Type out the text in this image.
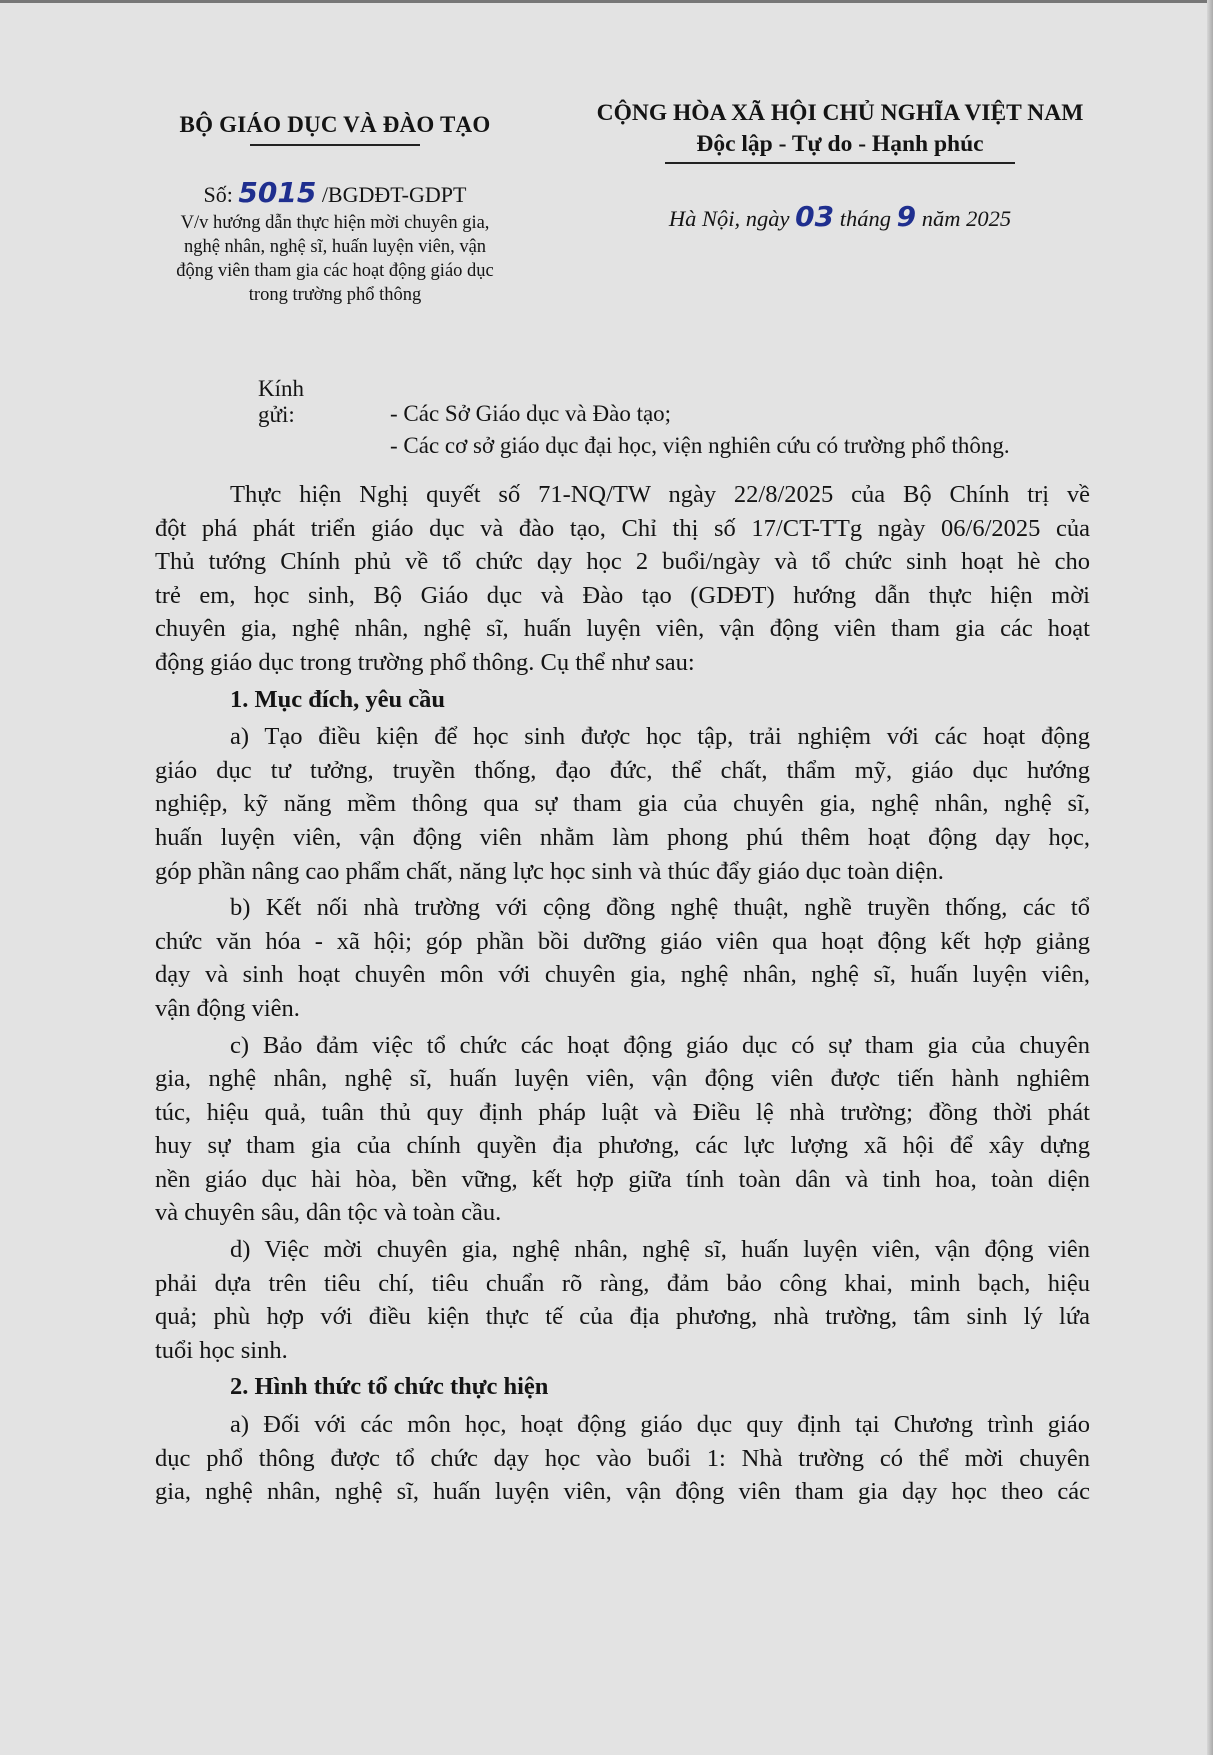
BỘ GIÁO DỤC VÀ ĐÀO TẠO
Số: 5015 /BGDĐT-GDPT
V/v hướng dẫn thực hiện mời chuyên gia,
nghệ nhân, nghệ sĩ, huấn luyện viên, vận
động viên tham gia các hoạt động giáo dục
trong trường phổ thông
CỘNG HÒA XÃ HỘI CHỦ NGHĨA VIỆT NAM
Độc lập - Tự do - Hạnh phúc
Hà Nội, ngày 03 tháng 9 năm 2025
Kính gửi:	- Các Sở Giáo dục và Đào tạo;
- Các cơ sở giáo dục đại học, viện nghiên cứu có trường phổ thông.
Thực hiện Nghị quyết số 71-NQ/TW ngày 22/8/2025 của Bộ Chính trị về
đột phá phát triển giáo dục và đào tạo, Chỉ thị số 17/CT-TTg ngày 06/6/2025 của
Thủ tướng Chính phủ về tổ chức dạy học 2 buổi/ngày và tổ chức sinh hoạt hè cho
trẻ em, học sinh, Bộ Giáo dục và Đào tạo (GDĐT) hướng dẫn thực hiện mời
chuyên gia, nghệ nhân, nghệ sĩ, huấn luyện viên, vận động viên tham gia các hoạt
động giáo dục trong trường phổ thông. Cụ thể như sau:
1. Mục đích, yêu cầu
a) Tạo điều kiện để học sinh được học tập, trải nghiệm với các hoạt động
giáo dục tư tưởng, truyền thống, đạo đức, thể chất, thẩm mỹ, giáo dục hướng
nghiệp, kỹ năng mềm thông qua sự tham gia của chuyên gia, nghệ nhân, nghệ sĩ,
huấn luyện viên, vận động viên nhằm làm phong phú thêm hoạt động dạy học,
góp phần nâng cao phẩm chất, năng lực học sinh và thúc đẩy giáo dục toàn diện.
b) Kết nối nhà trường với cộng đồng nghệ thuật, nghề truyền thống, các tổ
chức văn hóa - xã hội; góp phần bồi dưỡng giáo viên qua hoạt động kết hợp giảng
dạy và sinh hoạt chuyên môn với chuyên gia, nghệ nhân, nghệ sĩ, huấn luyện viên,
vận động viên.
c) Bảo đảm việc tổ chức các hoạt động giáo dục có sự tham gia của chuyên
gia, nghệ nhân, nghệ sĩ, huấn luyện viên, vận động viên được tiến hành nghiêm
túc, hiệu quả, tuân thủ quy định pháp luật và Điều lệ nhà trường; đồng thời phát
huy sự tham gia của chính quyền địa phương, các lực lượng xã hội để xây dựng
nền giáo dục hài hòa, bền vững, kết hợp giữa tính toàn dân và tinh hoa, toàn diện
và chuyên sâu, dân tộc và toàn cầu.
d) Việc mời chuyên gia, nghệ nhân, nghệ sĩ, huấn luyện viên, vận động viên
phải dựa trên tiêu chí, tiêu chuẩn rõ ràng, đảm bảo công khai, minh bạch, hiệu
quả; phù hợp với điều kiện thực tế của địa phương, nhà trường, tâm sinh lý lứa
tuổi học sinh.
2. Hình thức tổ chức thực hiện
a) Đối với các môn học, hoạt động giáo dục quy định tại Chương trình giáo
dục phổ thông được tổ chức dạy học vào buổi 1: Nhà trường có thể mời chuyên
gia, nghệ nhân, nghệ sĩ, huấn luyện viên, vận động viên tham gia dạy học theo các
